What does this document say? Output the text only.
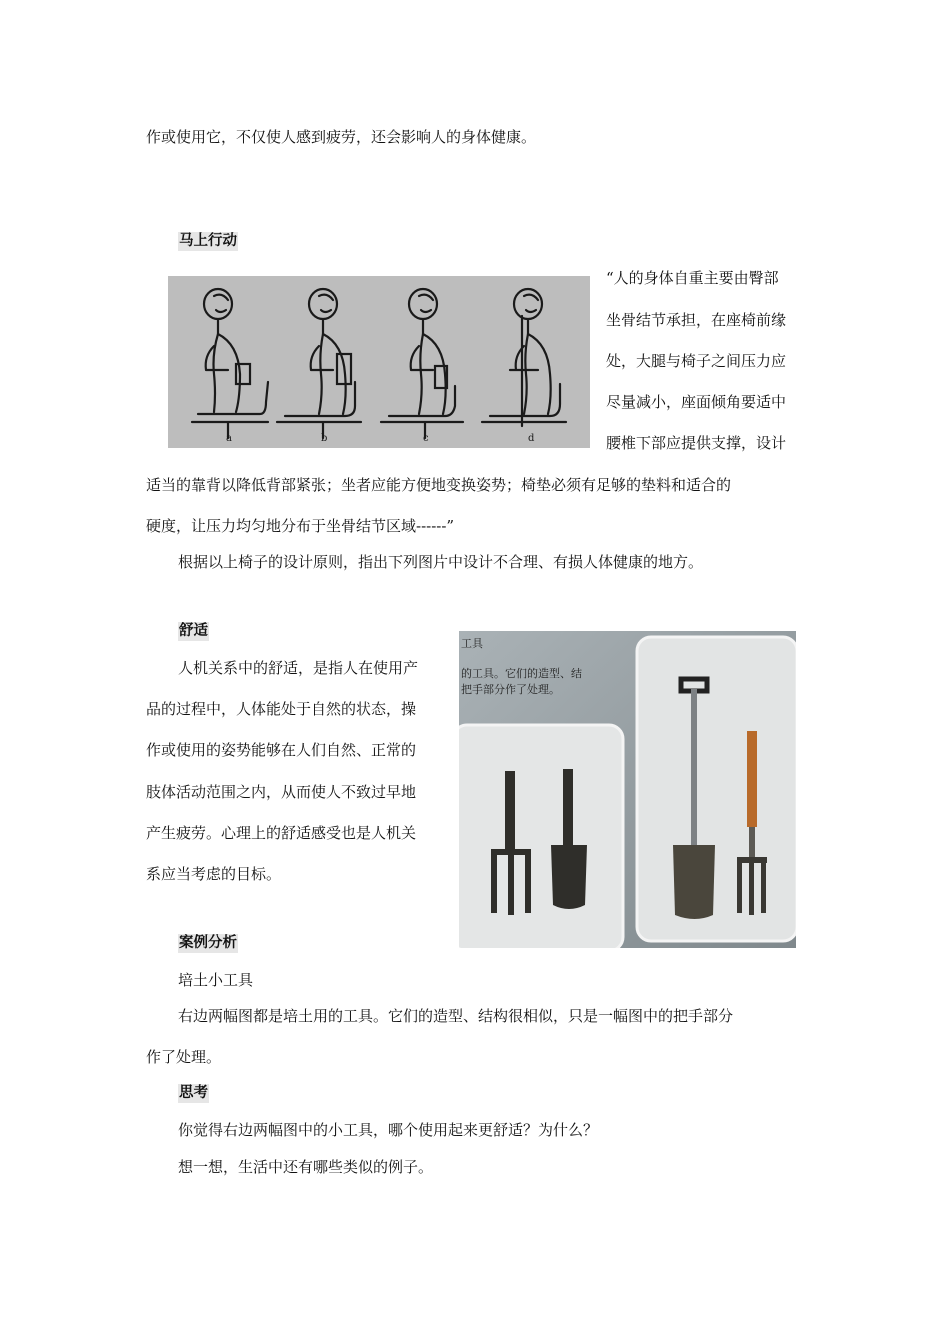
作或使用它，不仅使人感到疲劳，还会影响人的身体健康。
马上行动
a	b	c	d
“人的身体自重主要由臀部
坐骨结节承担，在座椅前缘
处，大腿与椅子之间压力应
尽量减小，座面倾角要适中
腰椎下部应提供支撑，设计
适当的靠背以降低背部紧张；坐者应能方便地变换姿势；椅垫必须有足够的垫料和适合的
硬度，让压力均匀地分布于坐骨结节区域------”
根据以上椅子的设计原则，指出下列图片中设计不合理、有损人体健康的地方。
舒适
人机关系中的舒适，是指人在使用产
品的过程中，人体能处于自然的状态，操
作或使用的姿势能够在人们自然、正常的
肢体活动范围之内，从而使人不致过早地
产生疲劳。心理上的舒适感受也是人机关
系应当考虑的目标。
工具
的工具。它们的造型、结
把手部分作了处理。
案例分析
培土小工具
右边两幅图都是培土用的工具。它们的造型、结构很相似，只是一幅图中的把手部分
作了处理。
思考
你觉得右边两幅图中的小工具，哪个使用起来更舒适？为什么？
想一想，生活中还有哪些类似的例子。
